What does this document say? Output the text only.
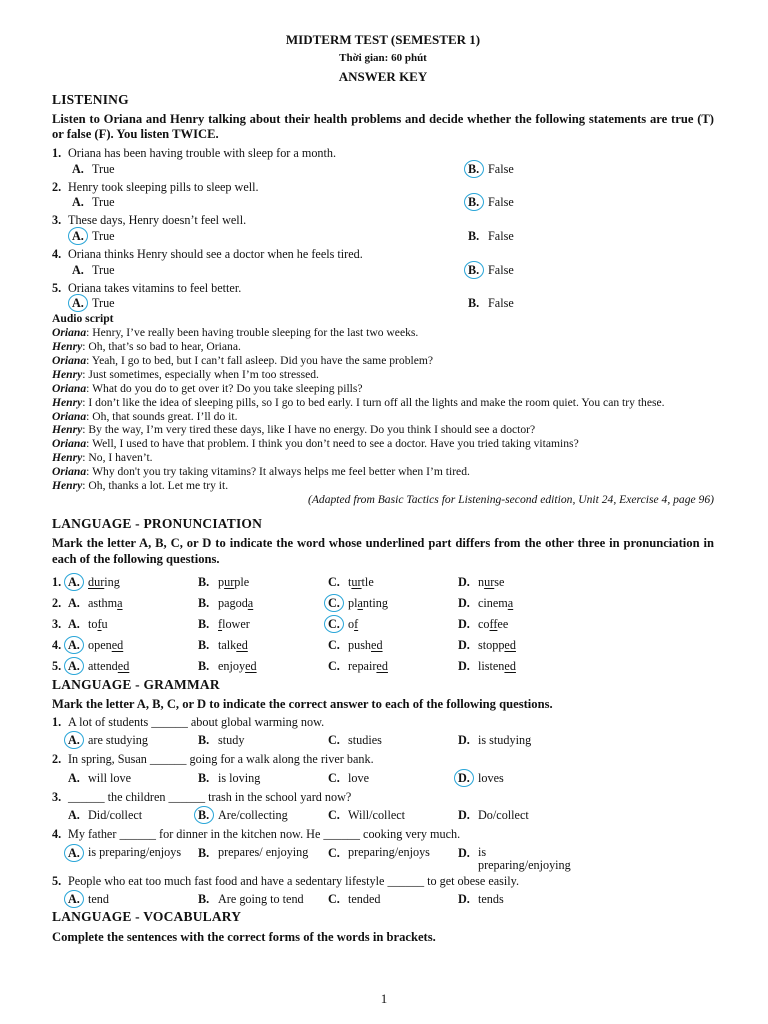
MIDTERM TEST (SEMESTER 1)
Thời gian: 60 phút
ANSWER KEY
LISTENING
Listen to Oriana and Henry talking about their health problems and decide whether the following statements are true (T) or false (F). You listen TWICE.
1. Oriana has been having trouble with sleep for a month.
A. True	B. False
2. Henry took sleeping pills to sleep well.
A. True	B. False
3. These days, Henry doesn’t feel well.
A. True	B. False
4. Oriana thinks Henry should see a doctor when he feels tired.
A. True	B. False
5. Oriana takes vitamins to feel better.
A. True	B. False
Audio script
Oriana: Henry, I’ve really been having trouble sleeping for the last two weeks.
Henry: Oh, that’s so bad to hear, Oriana.
Oriana: Yeah, I go to bed, but I can’t fall asleep. Did you have the same problem?
Henry: Just sometimes, especially when I’m too stressed.
Oriana: What do you do to get over it? Do you take sleeping pills?
Henry: I don’t like the idea of sleeping pills, so I go to bed early. I turn off all the lights and make the room quiet. You can try these.
Oriana: Oh, that sounds great. I’ll do it.
Henry: By the way, I’m very tired these days, like I have no energy. Do you think I should see a doctor?
Oriana: Well, I used to have that problem. I think you don’t need to see a doctor. Have you tried taking vitamins?
Henry: No, I haven’t.
Oriana: Why don't you try taking vitamins? It always helps me feel better when I’m tired.
Henry: Oh, thanks a lot. Let me try it.
(Adapted from Basic Tactics for Listening-second edition, Unit 24, Exercise 4, page 96)
LANGUAGE - PRONUNCIATION
Mark the letter A, B, C, or D to indicate the word whose underlined part differs from the other three in pronunciation in each of the following questions.
1. A. during	B. purple	C. turtle	D. nurse
2. A. asthma	B. pagoda	C. planting	D. cinema
3. A. tofu	B. flower	C. of	D. coffee
4. A. opened	B. talked	C. pushed	D. stopped
5. A. attended	B. enjoyed	C. repaired	D. listened
LANGUAGE - GRAMMAR
Mark the letter A, B, C, or D to indicate the correct answer to each of the following questions.
1. A lot of students ______ about global warming now.
A. are studying	B. study	C. studies	D. is studying
2. In spring, Susan ______ going for a walk along the river bank.
A. will love	B. is loving	C. love	D. loves
3. ______ the children ______ trash in the school yard now?
A. Did/collect	B. Are/collecting	C. Will/collect	D. Do/collect
4. My father ______ for dinner in the kitchen now. He ______ cooking very much.
A. is preparing/enjoys	B. prepares/ enjoying	C. preparing/enjoys	D. is preparing/enjoying
5. People who eat too much fast food and have a sedentary lifestyle ______ to get obese easily.
A. tend	B. Are going to tend C. tended	D. tends
LANGUAGE - VOCABULARY
Complete the sentences with the correct forms of the words in brackets.
1
